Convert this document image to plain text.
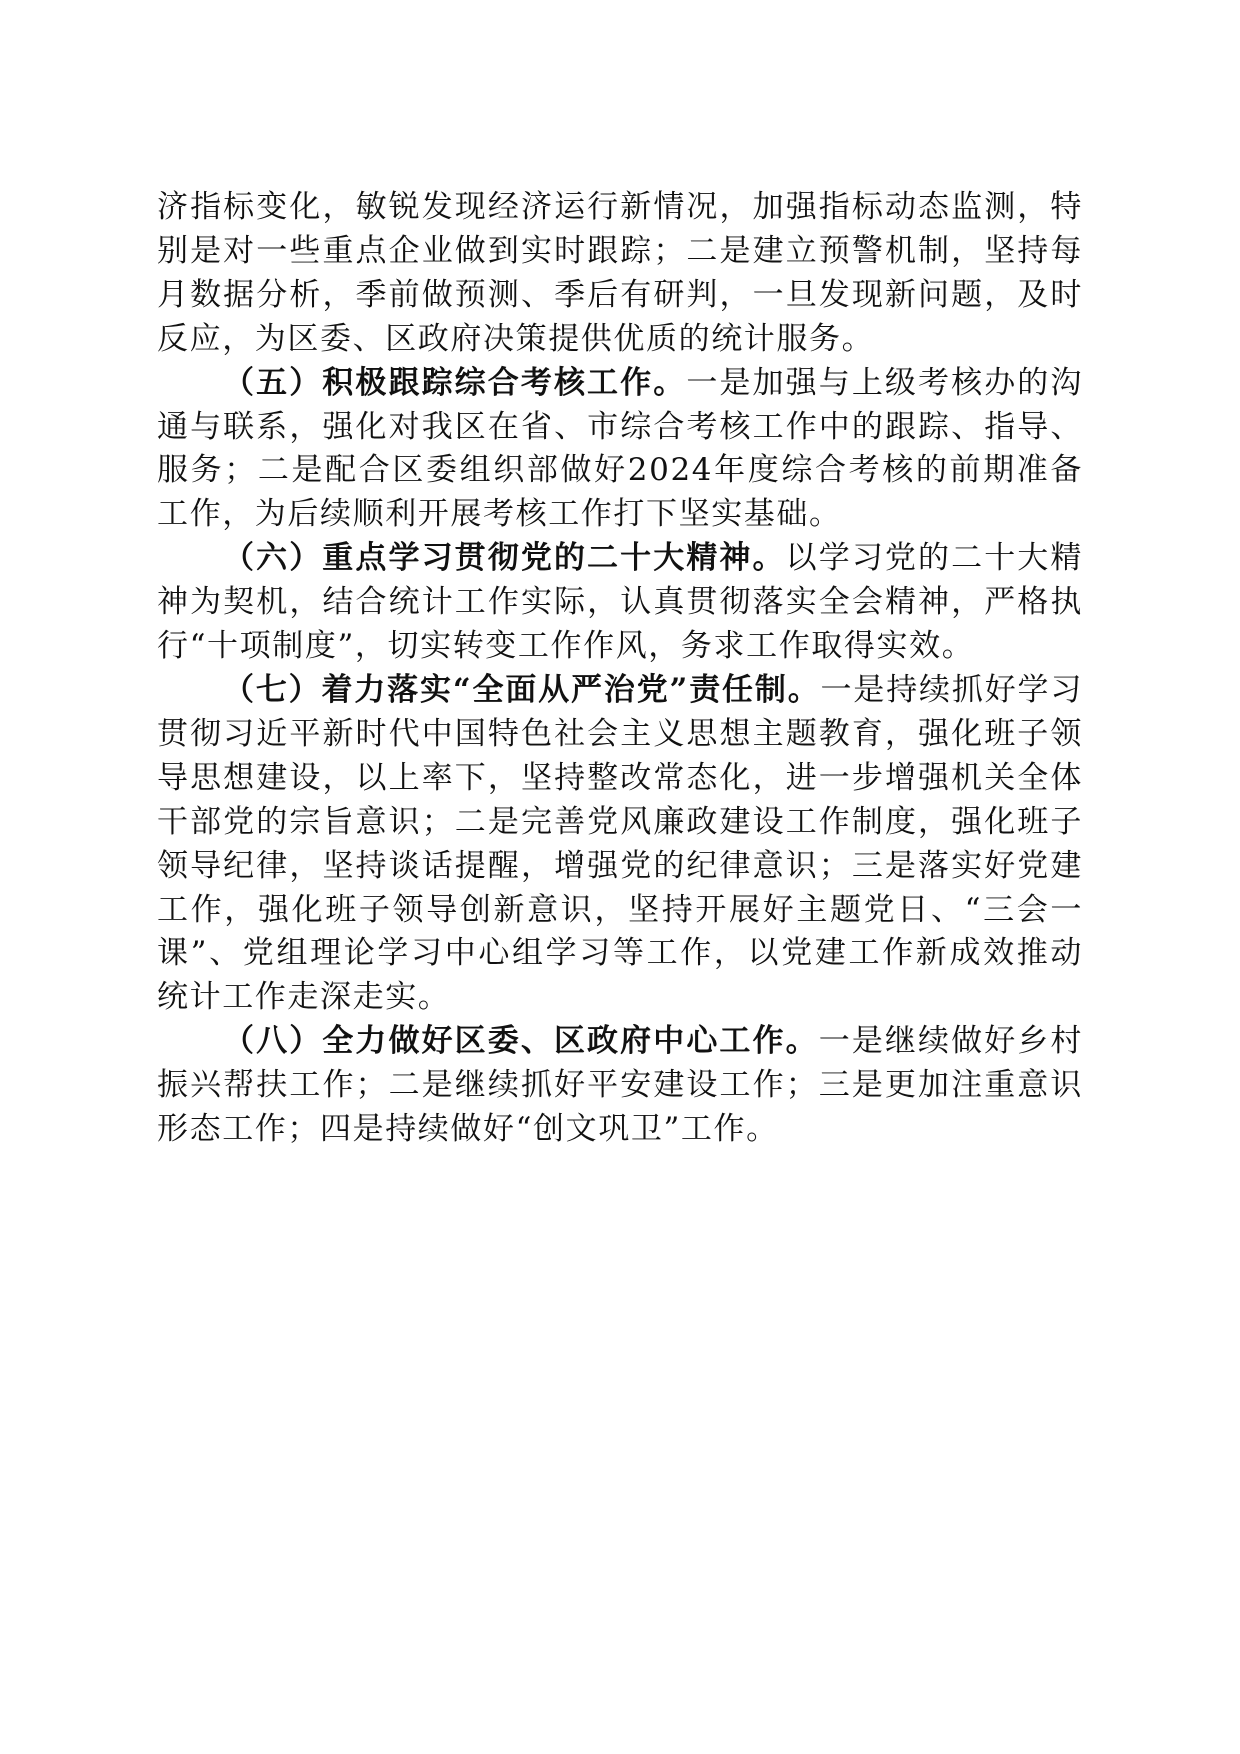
济指标变化，敏锐发现经济运行新情况，加强指标动态监测，特别是对一些重点企业做到实时跟踪；二是建立预警机制，坚持每月数据分析，季前做预测、季后有研判，一旦发现新问题，及时反应，为区委、区政府决策提供优质的统计服务。

（五）积极跟踪综合考核工作。一是加强与上级考核办的沟通与联系，强化对我区在省、市综合考核工作中的跟踪、指导、服务；二是配合区委组织部做好2024年度综合考核的前期准备工作，为后续顺利开展考核工作打下坚实基础。

（六）重点学习贯彻党的二十大精神。以学习党的二十大精神为契机，结合统计工作实际，认真贯彻落实全会精神，严格执行“十项制度”，切实转变工作作风，务求工作取得实效。

（七）着力落实“全面从严治党”责任制。一是持续抓好学习贯彻习近平新时代中国特色社会主义思想主题教育，强化班子领导思想建设，以上率下，坚持整改常态化，进一步增强机关全体干部党的宗旨意识；二是完善党风廉政建设工作制度，强化班子领导纪律，坚持谈话提醒，增强党的纪律意识；三是落实好党建工作，强化班子领导创新意识，坚持开展好主题党日、“三会一课”、党组理论学习中心组学习等工作，以党建工作新成效推动统计工作走深走实。

（八）全力做好区委、区政府中心工作。一是继续做好乡村振兴帮扶工作；二是继续抓好平安建设工作；三是更加注重意识形态工作；四是持续做好“创文巩卫”工作。
